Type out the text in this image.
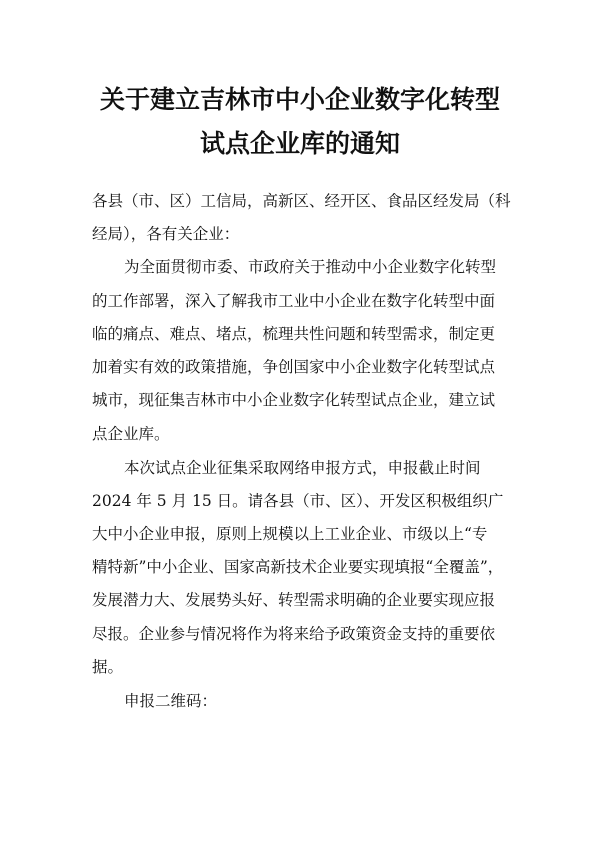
关于建立吉林市中小企业数字化转型
试点企业库的通知
各县（市、区）工信局，高新区、经开区、食品区经发局（科
经局），各有关企业：
为全面贯彻市委、市政府关于推动中小企业数字化转型
的工作部署，深入了解我市工业中小企业在数字化转型中面
临的痛点、难点、堵点，梳理共性问题和转型需求，制定更
加着实有效的政策措施，争创国家中小企业数字化转型试点
城市，现征集吉林市中小企业数字化转型试点企业，建立试
点企业库。
本次试点企业征集采取网络申报方式，申报截止时间
2024 年 5 月 15 日。请各县（市、区）、开发区积极组织广
大中小企业申报，原则上规模以上工业企业、市级以上“专
精特新”中小企业、国家高新技术企业要实现填报“全覆盖”，
发展潜力大、发展势头好、转型需求明确的企业要实现应报
尽报。企业参与情况将作为将来给予政策资金支持的重要依
据。
申报二维码：
